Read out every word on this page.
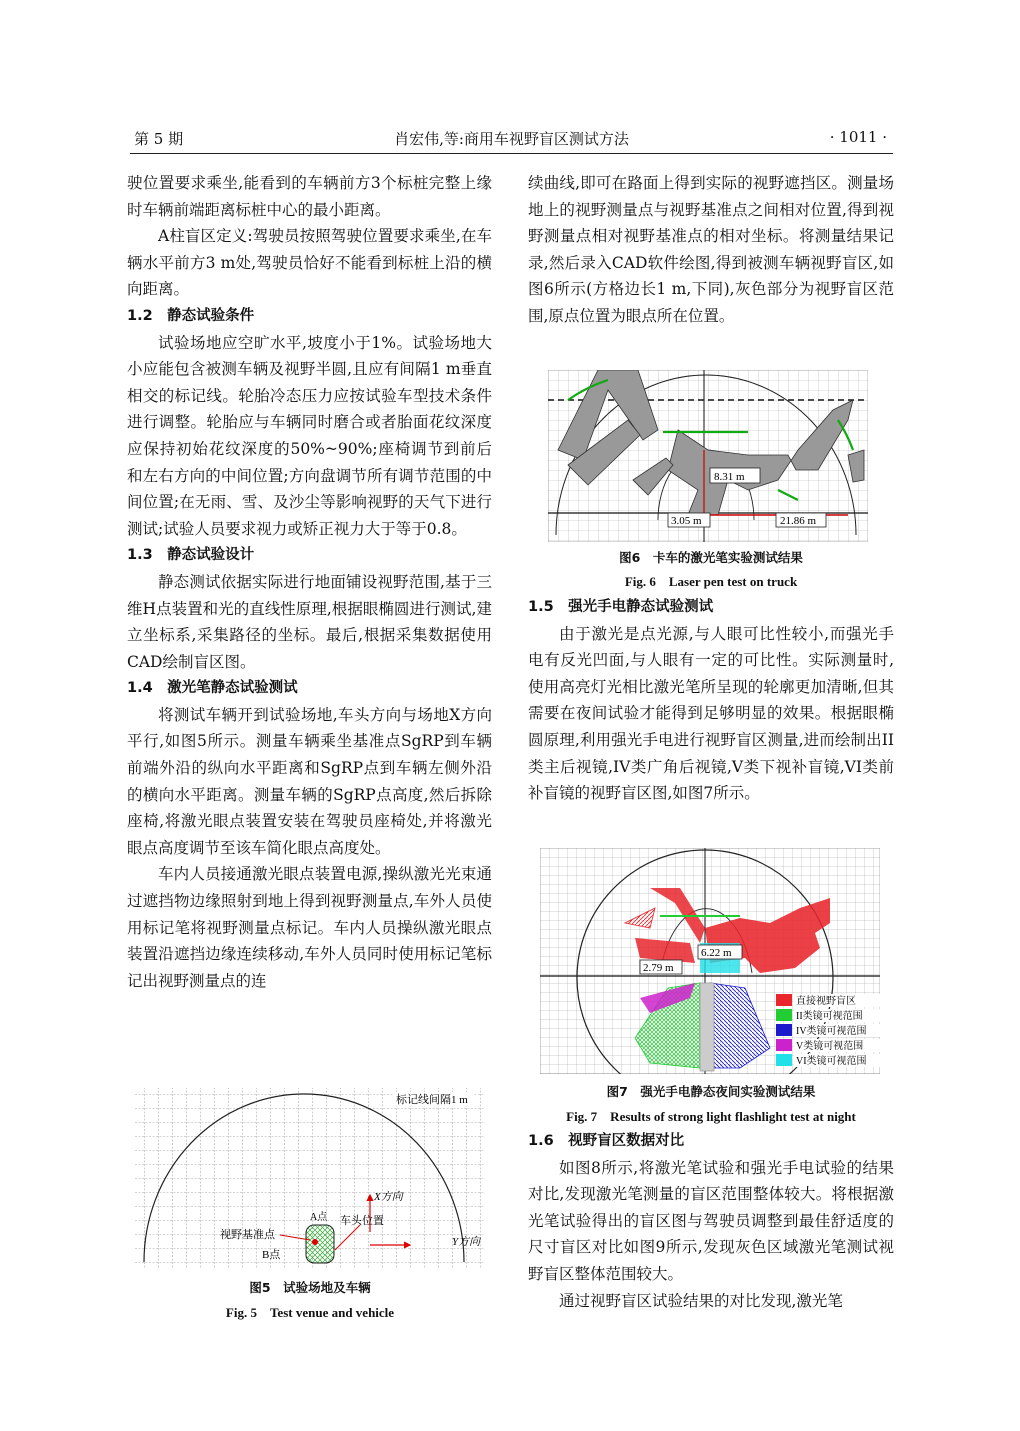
第 5 期	肖宏伟,等:商用车视野盲区测试方法	· 1011 ·

驶位置要求乘坐,能看到的车辆前方3个标桩完整上缘时车辆前端距离标桩中心的最小距离。

A柱盲区定义:驾驶员按照驾驶位置要求乘坐,在车辆水平前方3 m处,驾驶员恰好不能看到标桩上沿的横向距离。

1.2　静态试验条件

试验场地应空旷水平,坡度小于1%。试验场地大小应能包含被测车辆及视野半圆,且应有间隔1 m垂直相交的标记线。轮胎冷态压力应按试验车型技术条件进行调整。轮胎应与车辆同时磨合或者胎面花纹深度应保持初始花纹深度的50%~90%;座椅调节到前后和左右方向的中间位置;方向盘调节所有调节范围的中间位置;在无雨、雪、及沙尘等影响视野的天气下进行测试;试验人员要求视力或矫正视力大于等于0.8。

1.3　静态试验设计

静态测试依据实际进行地面铺设视野范围,基于三维H点装置和光的直线性原理,根据眼椭圆进行测试,建立坐标系,采集路径的坐标。最后,根据采集数据使用CAD绘制盲区图。

1.4　激光笔静态试验测试

将测试车辆开到试验场地,车头方向与场地X方向平行,如图5所示。测量车辆乘坐基准点SgRP到车辆前端外沿的纵向水平距离和SgRP点到车辆左侧外沿的横向水平距离。测量车辆的SgRP点高度,然后拆除座椅,将激光眼点装置安装在驾驶员座椅处,并将激光眼点高度调节至该车简化眼点高度处。

车内人员接通激光眼点装置电源,操纵激光光束通过遮挡物边缘照射到地上得到视野测量点,车外人员使用标记笔将视野测量点标记。车内人员操纵激光眼点装置沿遮挡边缘连续移动,车外人员同时使用标记笔标记出视野测量点的连

标记线间隔1 m
视野基准点
车头位置
X方向
Y方向
B点
A点
图5　试验场地及车辆
Fig. 5　Test venue and vehicle

续曲线,即可在路面上得到实际的视野遮挡区。测量场地上的视野测量点与视野基准点之间相对位置,得到视野测量点相对视野基准点的相对坐标。将测量结果记录,然后录入CAD软件绘图,得到被测车辆视野盲区,如图6所示(方格边长1 m,下同),灰色部分为视野盲区范围,原点位置为眼点所在位置。

8.31 m
3.05 m	21.86 m
图6　卡车的激光笔实验测试结果
Fig. 6　Laser pen test on truck

1.5　强光手电静态试验测试

由于激光是点光源,与人眼可比性较小,而强光手电有反光凹面,与人眼有一定的可比性。实际测量时,使用高亮灯光相比激光笔所呈现的轮廓更加清晰,但其需要在夜间试验才能得到足够明显的效果。根据眼椭圆原理,利用强光手电进行视野盲区测量,进而绘制出II类主后视镜,IV类广角后视镜,V类下视补盲镜,VI类前补盲镜的视野盲区图,如图7所示。

6.22 m
2.79 m
直接视野盲区
II类镜可视范围
IV类镜可视范围
V类镜可视范围
VI类镜可视范围
图7　强光手电静态夜间实验测试结果
Fig. 7　Results of strong light flashlight test at night

1.6　视野盲区数据对比

如图8所示,将激光笔试验和强光手电试验的结果对比,发现激光笔测量的盲区范围整体较大。将根据激光笔试验得出的盲区图与驾驶员调整到最佳舒适度的尺寸盲区对比如图9所示,发现灰色区域激光笔测试视野盲区整体范围较大。

通过视野盲区试验结果的对比发现,激光笔
